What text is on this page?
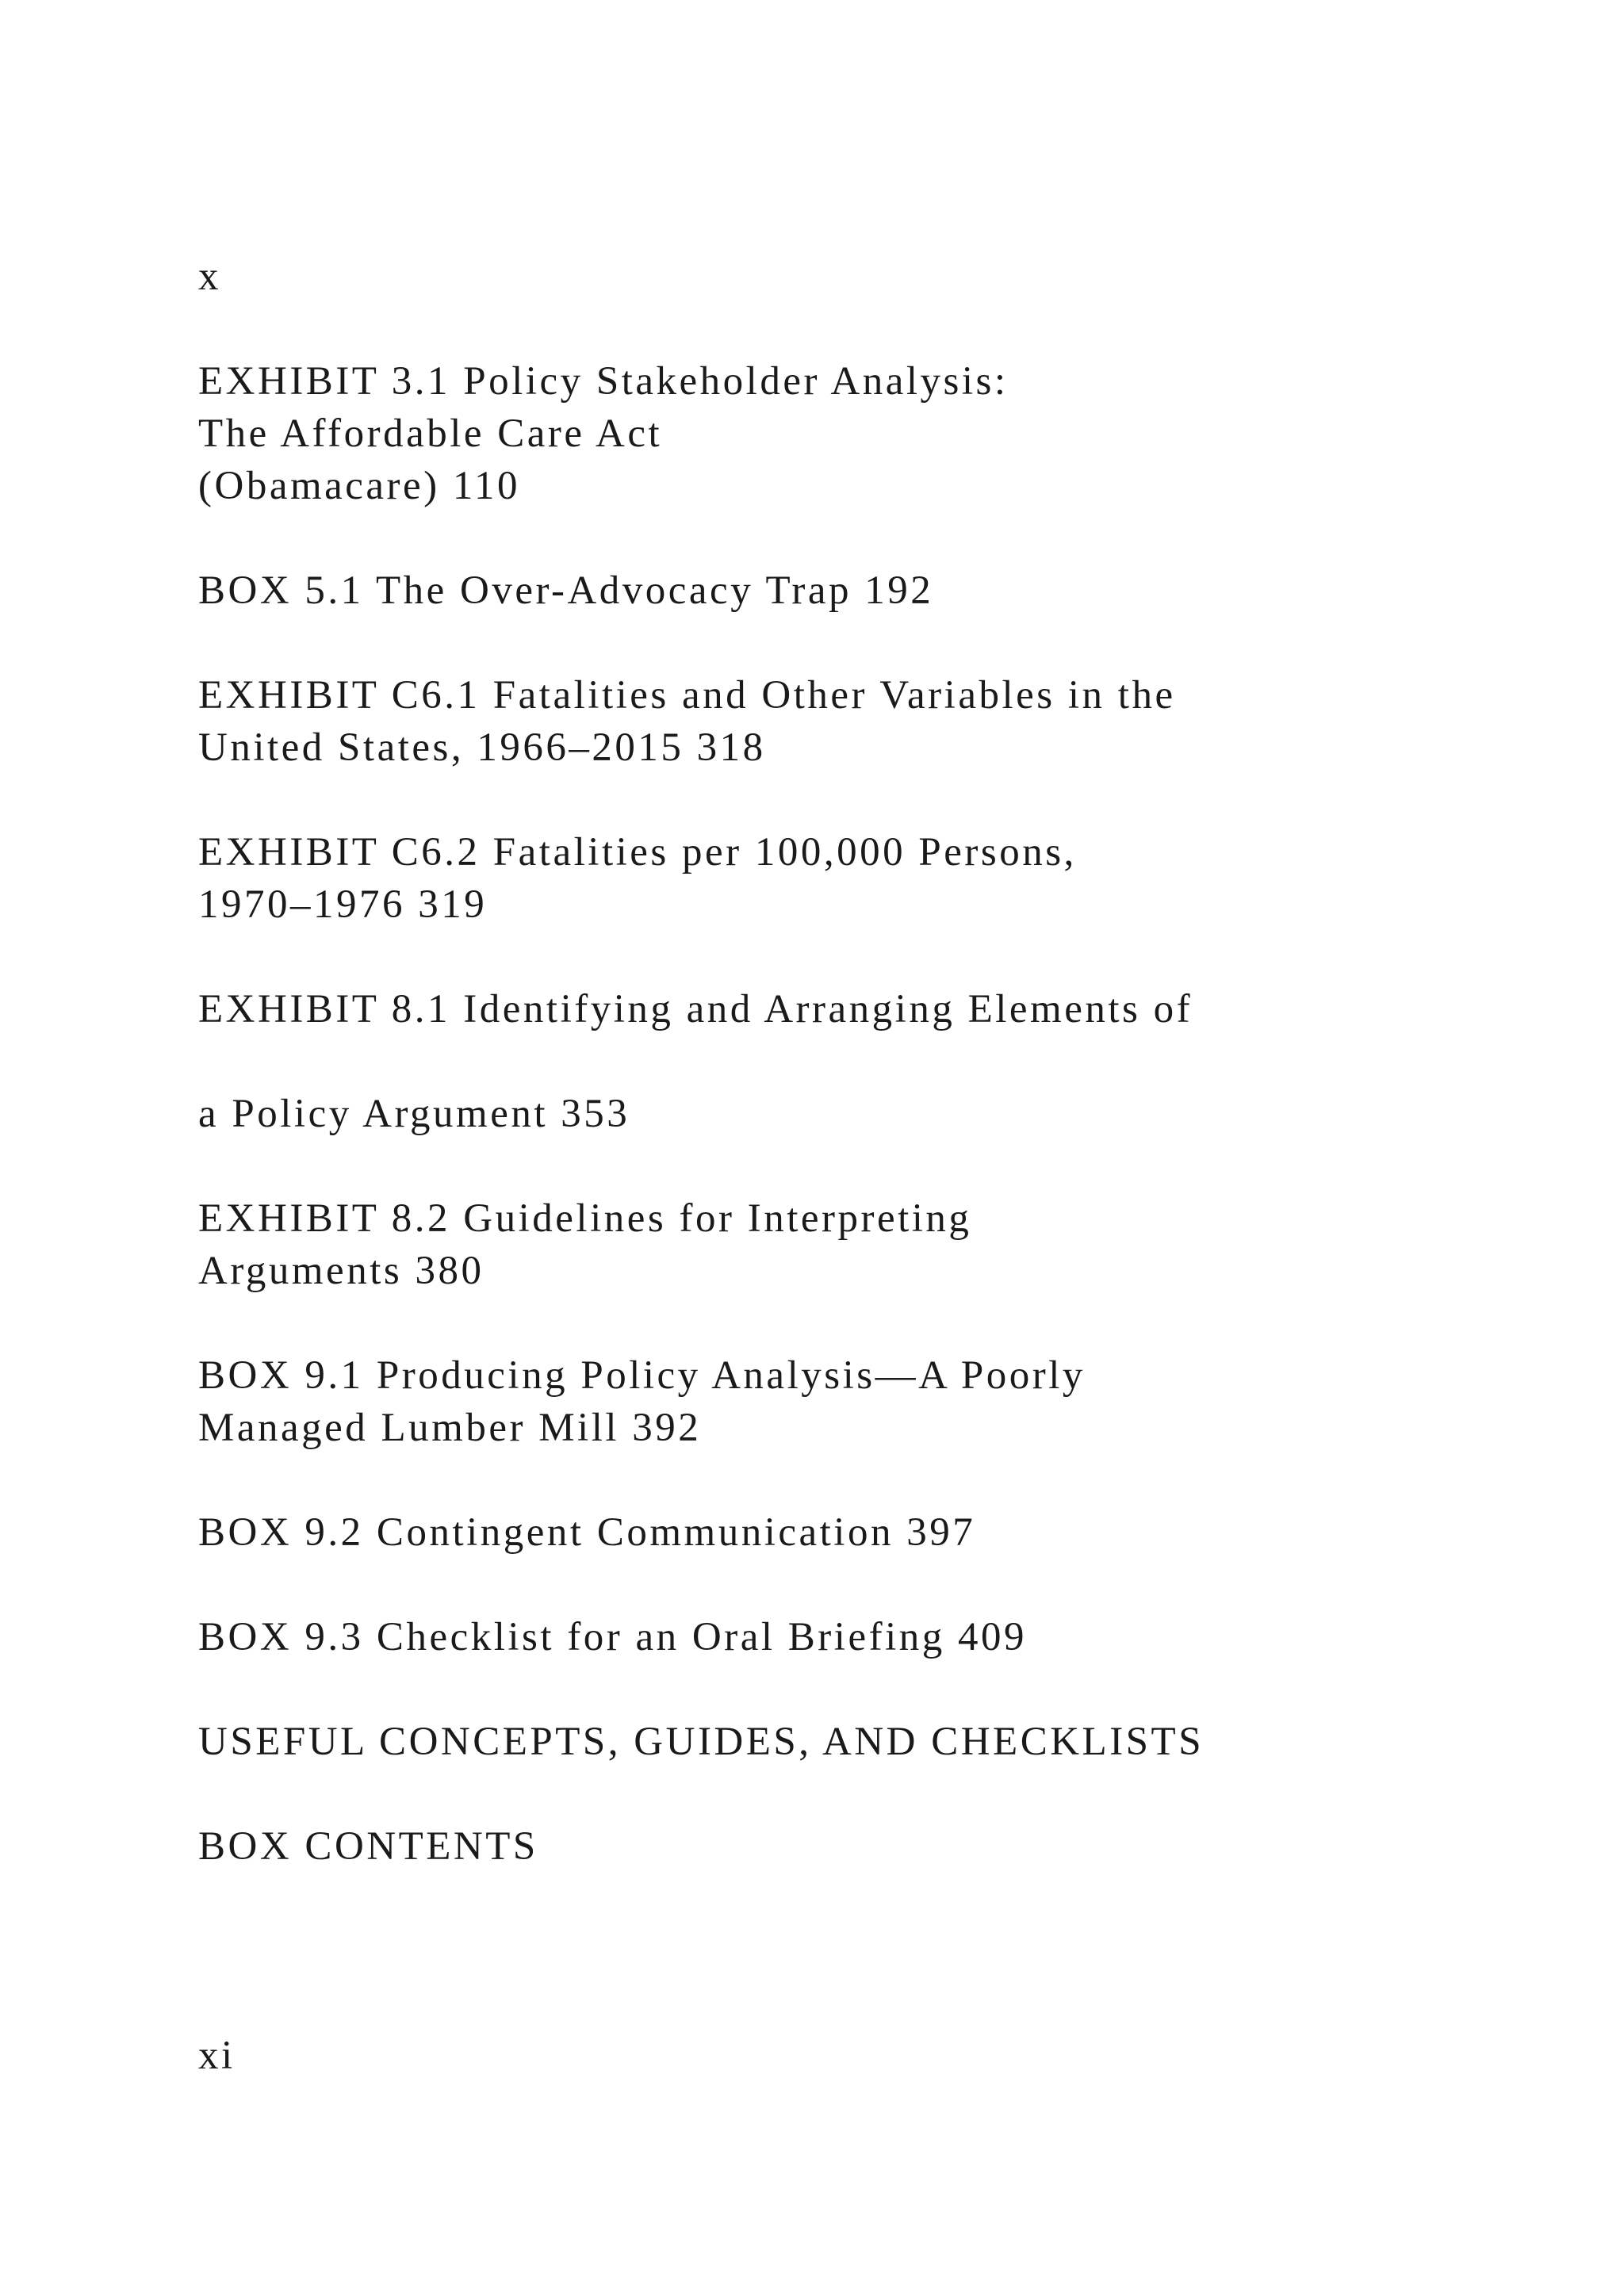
x

EXHIBIT 3.1 Policy Stakeholder Analysis:

The Affordable Care Act

(Obamacare) 110

BOX 5.1 The Over-Advocacy Trap 192

EXHIBIT C6.1 Fatalities and Other Variables in the

United States, 1966–2015 318

EXHIBIT C6.2 Fatalities per 100,000 Persons,

1970–1976 319

EXHIBIT 8.1 Identifying and Arranging Elements of

a Policy Argument 353

EXHIBIT 8.2 Guidelines for Interpreting

Arguments 380

BOX 9.1 Producing Policy Analysis—A Poorly

Managed Lumber Mill 392

BOX 9.2 Contingent Communication 397

BOX 9.3 Checklist for an Oral Briefing 409

USEFUL CONCEPTS, GUIDES, AND CHECKLISTS

BOX CONTENTS

xi
